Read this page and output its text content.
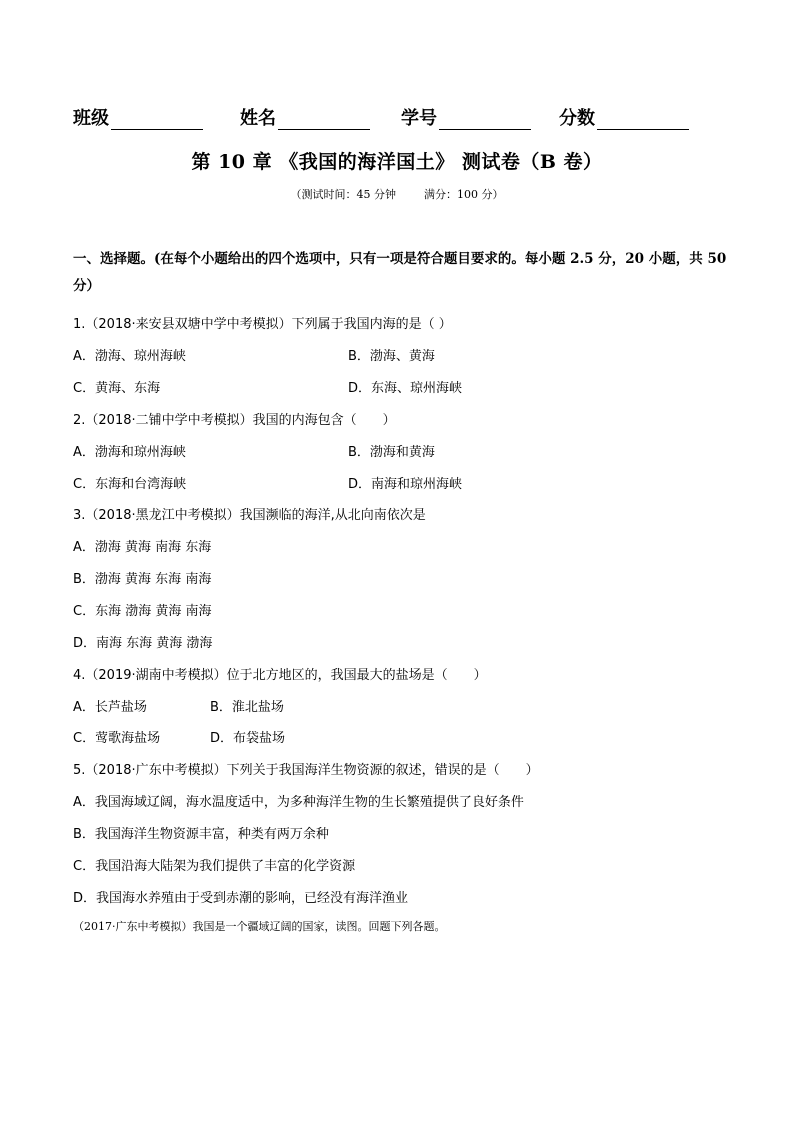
班级	姓名	学号	分数
第 10 章 《我国的海洋国土》 测试卷（B 卷）
（测试时间：45 分钟	满分：100 分）
一、选择题。(在每个小题给出的四个选项中，只有一项是符合题目要求的。每小题 2.5 分，20 小题，共 50
分）
1.（2018·来安县双塘中学中考模拟）下列属于我国内海的是（ ）
A．渤海、琼州海峡	B．渤海、黄海
C．黄海、东海	D．东海、琼州海峡
2.（2018·二铺中学中考模拟）我国的内海包含（　　）
A．渤海和琼州海峡	B．渤海和黄海
C．东海和台湾海峡	D．南海和琼州海峡
3.（2018·黑龙江中考模拟）我国濒临的海洋,从北向南依次是
A．渤海 黄海 南海 东海
B．渤海 黄海 东海 南海
C．东海 渤海 黄海 南海
D．南海 东海 黄海 渤海
4.（2019·湖南中考模拟）位于北方地区的，我国最大的盐场是（　　）
A．长芦盐场	B．淮北盐场
C．莺歌海盐场	D．布袋盐场
5.（2018·广东中考模拟）下列关于我国海洋生物资源的叙述，错误的是（　　）
A．我国海域辽阔，海水温度适中，为多种海洋生物的生长繁殖提供了良好条件
B．我国海洋生物资源丰富，种类有两万余种
C．我国沿海大陆架为我们提供了丰富的化学资源
D．我国海水养殖由于受到赤潮的影响，已经没有海洋渔业
（2017·广东中考模拟）我国是一个疆域辽阔的国家，读图。回题下列各题。
